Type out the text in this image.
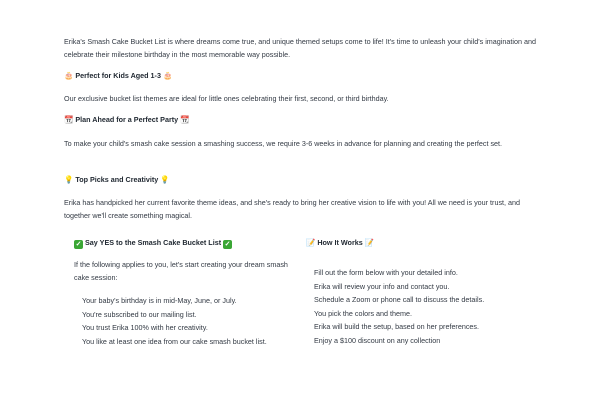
Erika's Smash Cake Bucket List is where dreams come true, and unique themed setups come to life! It's time to unleash your child's imagination and celebrate their milestone birthday in the most memorable way possible.

🎂 Perfect for Kids Aged 1-3 🎂

Our exclusive bucket list themes are ideal for little ones celebrating their first, second, or third birthday.

📆 Plan Ahead for a Perfect Party 📆

To make your child's smash cake session a smashing success, we require 3-6 weeks in advance for planning and creating the perfect set.

💡 Top Picks and Creativity 💡

Erika has handpicked her current favorite theme ideas, and she's ready to bring her creative vision to life with you! All we need is your trust, and together we'll create something magical.

✓ Say YES to the Smash Cake Bucket List ✓

If the following applies to you, let's start creating your dream smash cake session:

Your baby's birthday is in mid-May, June, or July.
You're subscribed to our mailing list.
You trust Erika 100% with her creativity.
You like at least one idea from our cake smash bucket list.

📝 How It Works 📝

Fill out the form below with your detailed info.
Erika will review your info and contact you.
Schedule a Zoom or phone call to discuss the details.
You pick the colors and theme.
Erika will build the setup, based on her preferences.
Enjoy a $100 discount on any collection
